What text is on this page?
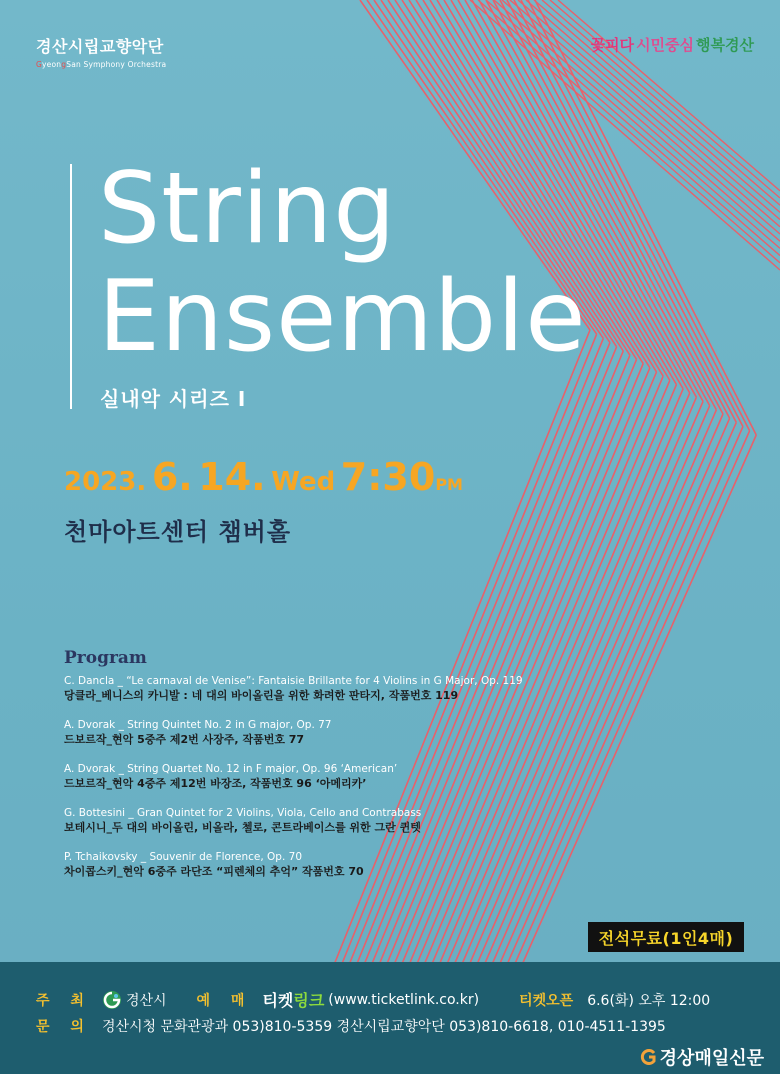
경산시립교향악단
GyeongSan Symphony Orchestra
꽃피다 시민중심 행복경산
String
Ensemble
실내악 시리즈 I
2023. 6. 14. Wed 7:30PM
천마아트센터 챔버홀
Program
C. Dancla _ “Le carnaval de Venise”: Fantaisie Brillante for 4 Violins in G Major, Op. 119
당클라_베니스의 카니발 : 네 대의 바이올린을 위한 화려한 판타지, 작품번호 119
A. Dvorak _ String Quintet No. 2 in G major, Op. 77
드보르작_현악 5중주 제2번 사장주, 작품번호 77
A. Dvorak _ String Quartet No. 12 in F major, Op. 96 ‘American’
드보르작_현악 4중주 제12번 바장조, 작품번호 96 ‘아메리카’
G. Bottesini _ Gran Quintet for 2 Violins, Viola, Cello and Contrabass
보테시니_두 대의 바이올린, 비올라, 첼로, 콘트라베이스를 위한 그란 퀸텟
P. Tchaikovsky _ Souvenir de Florence, Op. 70
차이콥스키_현악 6중주 라단조 “피렌체의 추억” 작품번호 70
전석무료 (1인4매)
주 최 경산시 예 매 티켓링크 (www.ticketlink.co.kr)	티켓오픈 6.6(화) 오후 12:00
문 의 경산시청 문화관광과 053)810-5359 경산시립교향악단 053)810-6618, 010-4511-1395
경상매일신문
